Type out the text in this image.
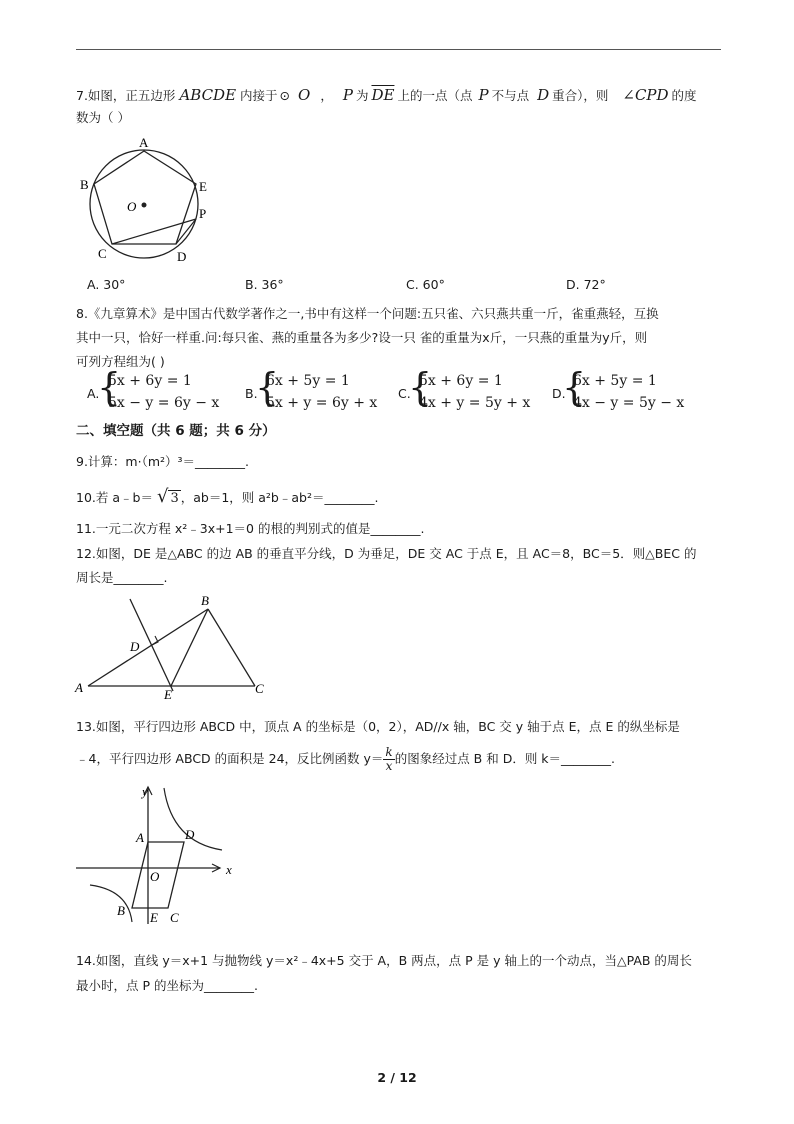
7.如图，正五边形 ABCDE 内接于 ⊙ O ， P 为 $\overline{DE}$ 上的一点（点 P 不与点 D 重合），则 ∠CPD 的度
数为（ ）
A
B	E
P
O
C	D
A. 30°	B. 36°	C. 60°	D. 72°
8.《九章算术》是中国古代数学著作之一,书中有这样一个问题:五只雀、六只燕共重一斤，雀重燕轻，互换
其中一只，恰好一样重.问:每只雀、燕的重量各为多少?设一只 雀的重量为x斤，一只燕的重量为y斤，则
可列方程组为( )
A.
{
5x + 6y = 1
5x − y = 6y − x
B.
{
6x + 5y = 1
5x + y = 6y + x
C.
{
5x + 6y = 1
4x + y = 5y + x
D.
{
6x + 5y = 1
4x − y = 5y − x
二、填空题（共 6 题；共 6 分）
9.计算：m·（m²）³＝________.
10.若 a﹣b＝ √ 3 ，ab＝1，则 a²b﹣ab²＝________.
11.一元二次方程 x²﹣3x+1＝0 的根的判别式的值是________.
12.如图，DE 是△ABC 的边 AB 的垂直平分线，D 为垂足，DE 交 AC 于点 E，且 AC＝8，BC＝5．则△BEC 的
周长是________.
B
D
A	E	C
13.如图，平行四边形 ABCD 中，顶点 A 的坐标是（0，2），AD//x 轴，BC 交 y 轴于点 E，点 E 的纵坐标是
﹣4，平行四边形 ABCD 的面积是 24，反比例函数 $y= \frac{k}{x}$ 的图象经过点 B 和 D．则 k＝________.
y
x
A	D
O
B E C
14.如图，直线 y＝x+1 与抛物线 y＝x²﹣4x+5 交于 A，B 两点，点 P 是 y 轴上的一个动点，当△PAB 的周长
最小时，点 P 的坐标为________.
2 / 12
